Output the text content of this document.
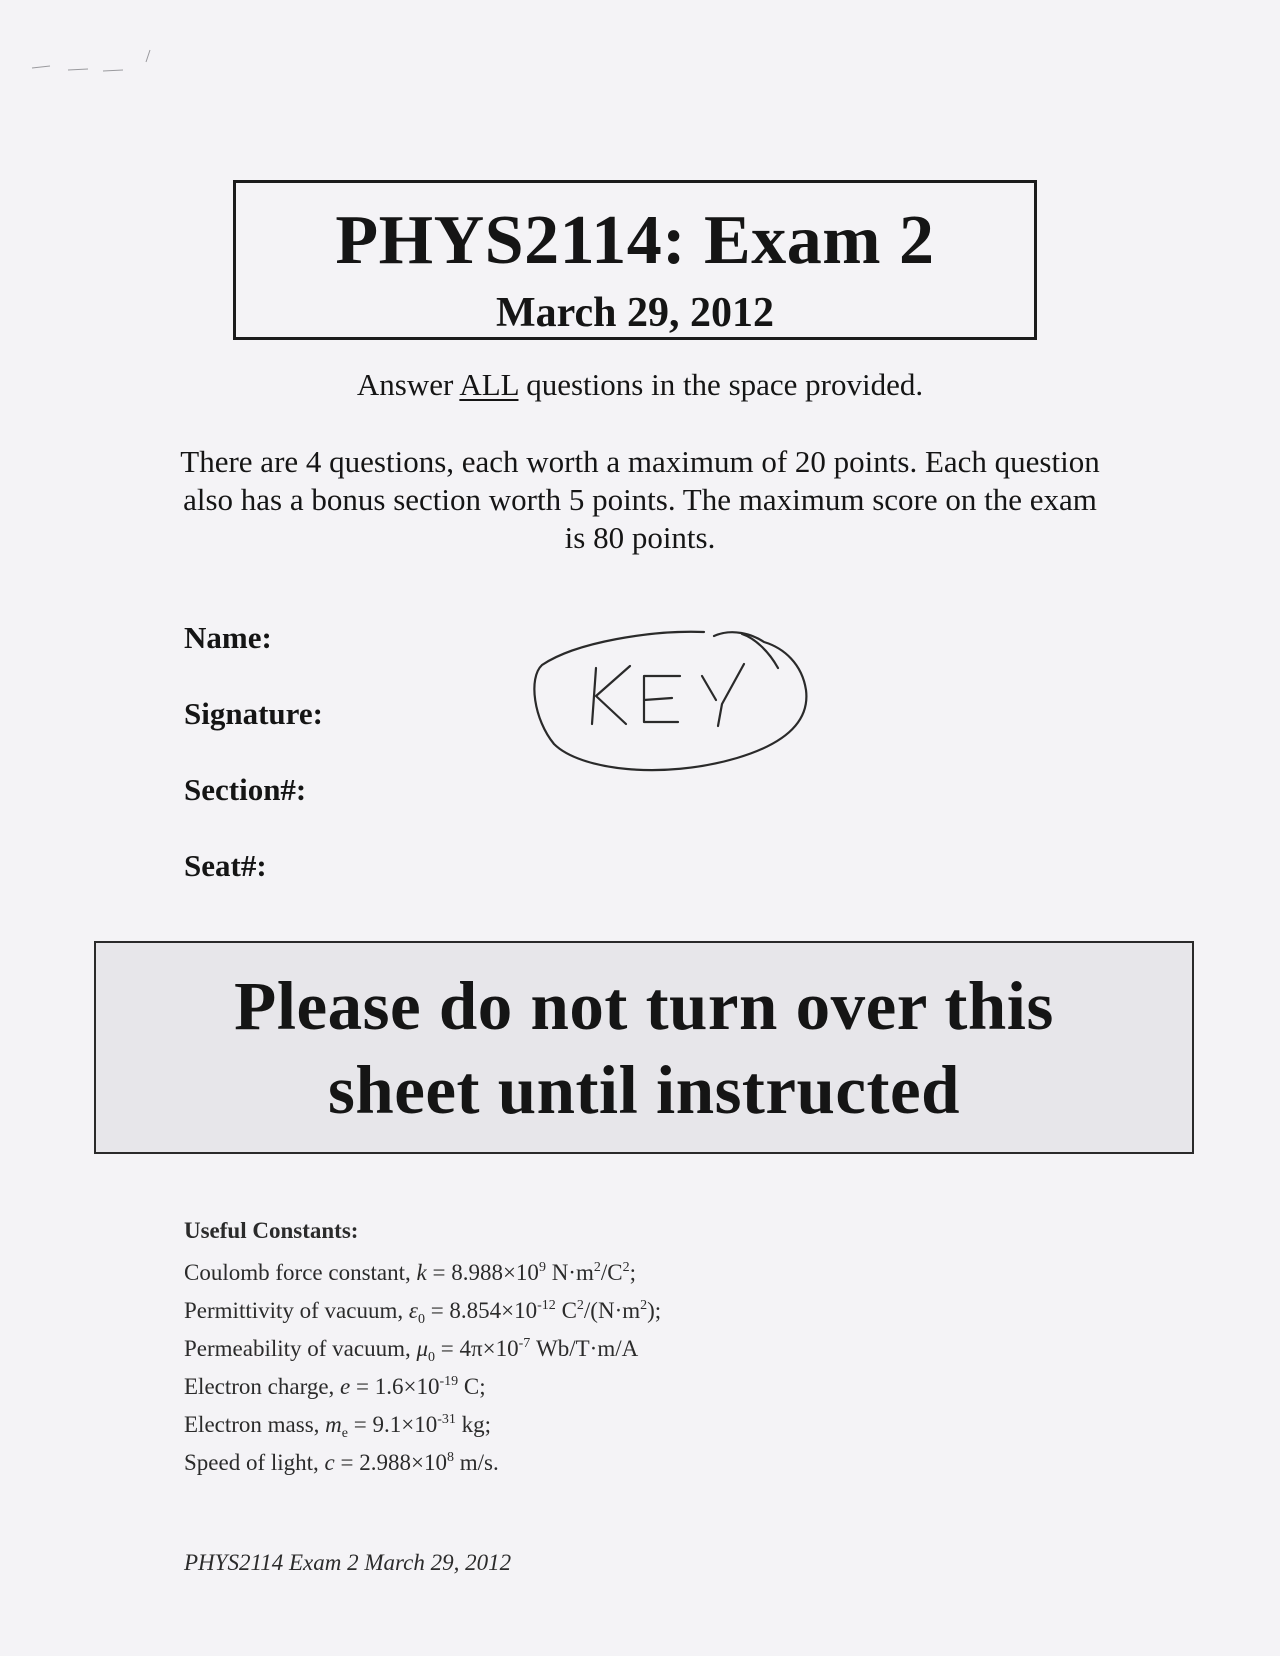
PHYS2114: Exam 2
March 29, 2012
Answer ALL questions in the space provided.
There are 4 questions, each worth a maximum of 20 points. Each question also has a bonus section worth 5 points. The maximum score on the exam is 80 points.
Name:
Signature:
Section#:
Seat#:
Please do not turn over this
sheet until instructed
Useful Constants:
Coulomb force constant, $k = 8.988\times 10^9$ $N\cdot m^2/C^2$;
Permittivity of vacuum, $\varepsilon_0 = 8.854\times 10^{-12}$ $C^2/(N\cdot m^2)$;
Permeability of vacuum, $\mu_0 = 4\pi\times 10^{-7}$ Wb/T·m/A
Electron charge, $e = 1.6\times 10^{-19}$ C;
Electron mass, $m_e = 9.1\times 10^{-31}$ kg;
Speed of light, $c = 2.988\times 10^8$ m/s.
PHYS2114 Exam 2 March 29, 2012
